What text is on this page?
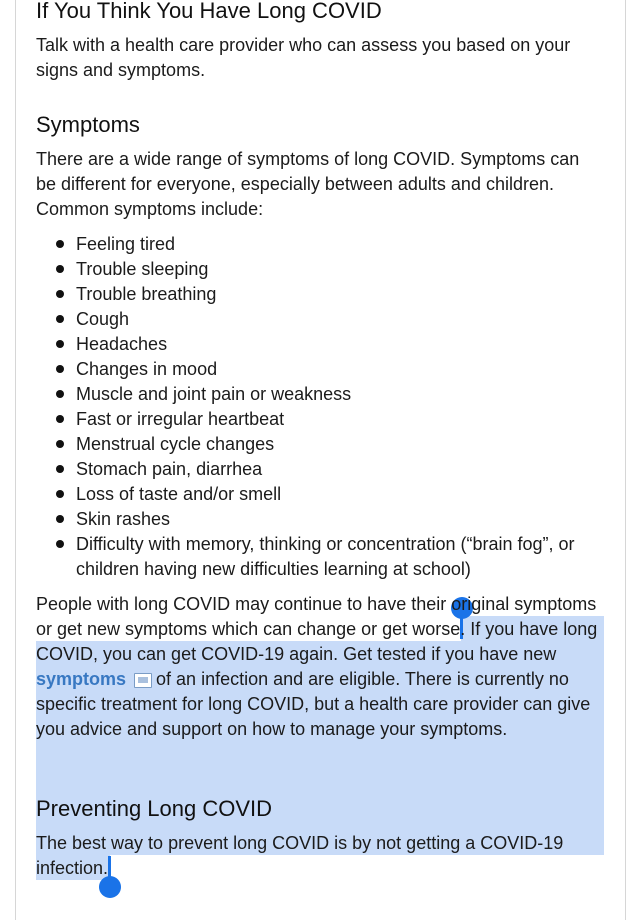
If You Think You Have Long COVID

Talk with a health care provider who can assess you based on your signs and symptoms.

Symptoms

There are a wide range of symptoms of long COVID. Symptoms can be different for everyone, especially between adults and children. Common symptoms include:

Feeling tired
Trouble sleeping
Trouble breathing
Cough
Headaches
Changes in mood
Muscle and joint pain or weakness
Fast or irregular heartbeat
Menstrual cycle changes
Stomach pain, diarrhea
Loss of taste and/or smell
Skin rashes
Difficulty with memory, thinking or concentration (“brain fog”, or children having new difficulties learning at school)

People with long COVID may continue to have their original symptoms or get new symptoms which can change or get worse. If you have long COVID, you can get COVID-19 again. Get tested if you have new symptoms of an infection and are eligible. There is currently no specific treatment for long COVID, but a health care provider can give you advice and support on how to manage your symptoms.

Preventing Long COVID

The best way to prevent long COVID is by not getting a COVID-19 infection.
